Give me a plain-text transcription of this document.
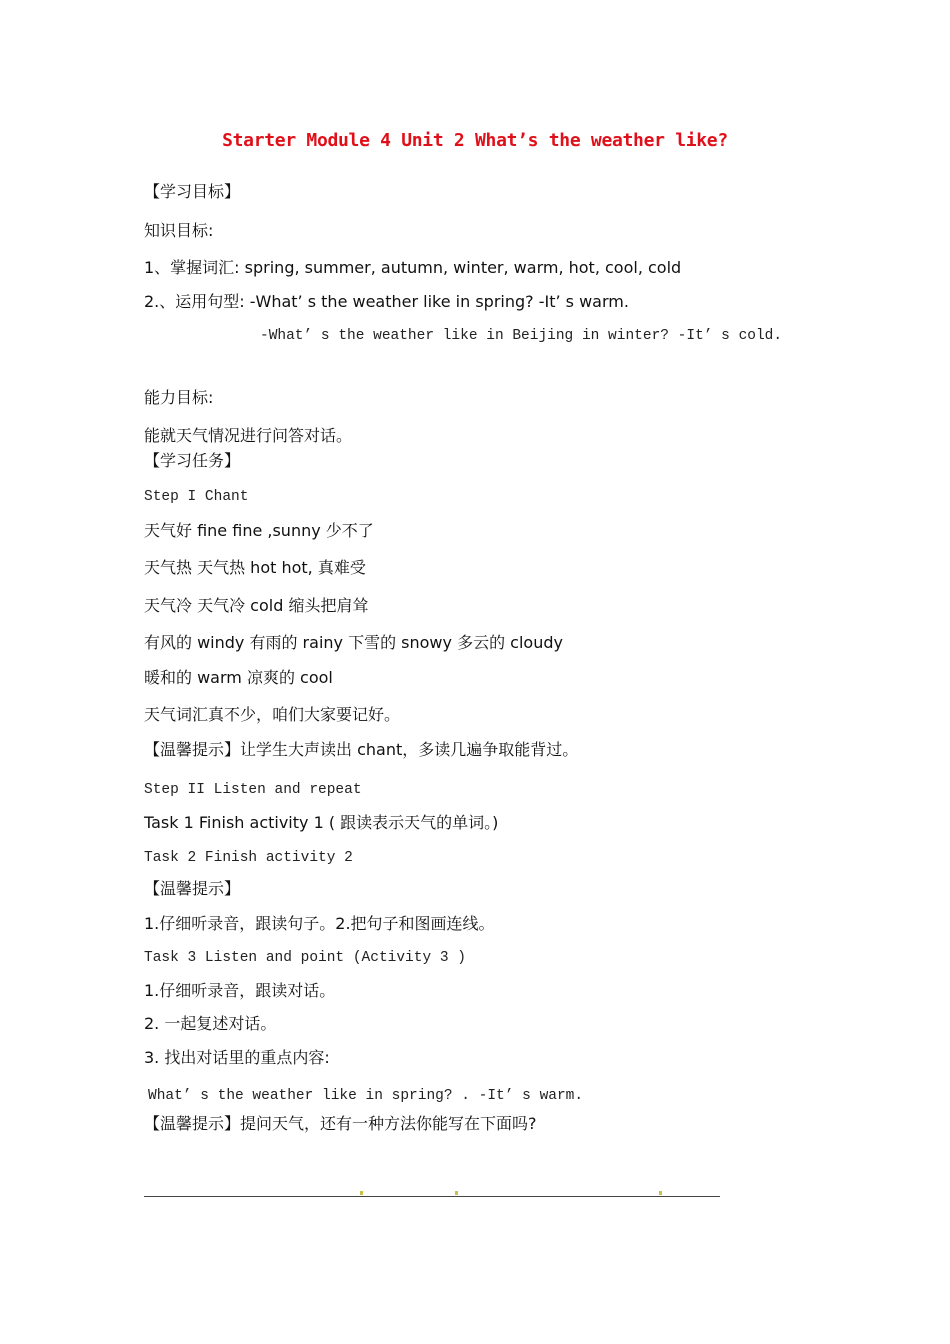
Starter Module 4 Unit 2 What’s the weather like?
【学习目标】
知识目标:
1、掌握词汇: spring, summer, autumn, winter, warm, hot, cool, cold
2.、运用句型: -What’ s the weather like in spring? -It’ s warm.
-What’ s the weather like in Beijing in winter? -It’ s cold.
能力目标:
能就天气情况进行问答对话。
【学习任务】
Step I Chant
天气好 fine fine ,sunny 少不了
天气热 天气热 hot hot, 真难受
天气冷 天气冷 cold 缩头把肩耸
有风的 windy 有雨的 rainy 下雪的 snowy 多云的 cloudy
暖和的 warm 凉爽的 cool
天气词汇真不少，咱们大家要记好。
【温馨提示】让学生大声读出 chant，多读几遍争取能背过。
Step II Listen and repeat
Task 1 Finish activity 1 ( 跟读表示天气的单词。)
Task 2 Finish activity 2
【温馨提示】
1.仔细听录音，跟读句子。2.把句子和图画连线。
Task 3 Listen and point (Activity 3 )
1.仔细听录音，跟读对话。
2. 一起复述对话。
3. 找出对话里的重点内容:
What’ s the weather like in spring? . -It’ s warm.
【温馨提示】提问天气，还有一种方法你能写在下面吗?
